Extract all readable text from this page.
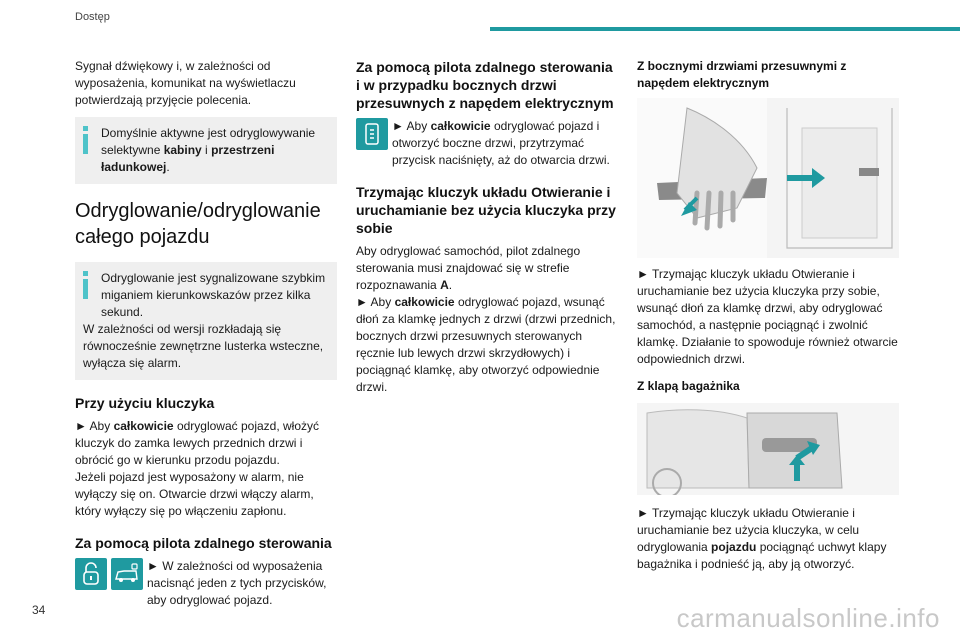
Dostęp

Sygnał dźwiękowy i, w zależności od wyposażenia, komunikat na wyświetlaczu potwierdzają przyjęcie polecenia.

Domyślnie aktywne jest odryglowywanie selektywne kabiny i przestrzeni ładunkowej.
Odryglowanie/odryglowanie całego pojazdu
Odryglowanie jest sygnalizowane szybkim miganiem kierunkowskazów przez kilka sekund.
W zależności od wersji rozkładają się równocześnie zewnętrzne lusterka wsteczne, wyłącza się alarm.
Przy użyciu kluczyka

► Aby całkowicie odryglować pojazd, włożyć kluczyk do zamka lewych przednich drzwi i obrócić go w kierunku przodu pojazdu.

Jeżeli pojazd jest wyposażony w alarm, nie wyłączy się on. Otwarcie drzwi włączy alarm, który wyłączy się po włączeniu zapłonu.

Za pomocą pilota zdalnego sterowania

► W zależności od wyposażenia nacisnąć jeden z tych przycisków, aby odryglować pojazd.

Za pomocą pilota zdalnego sterowania i w przypadku bocznych drzwi przesuwnych z napędem elektrycznym

► Aby całkowicie odryglować pojazd i otworzyć boczne drzwi, przytrzymać przycisk naciśnięty, aż do otwarcia drzwi.

Trzymając kluczyk układu Otwieranie i uruchamianie bez użycia kluczyka przy sobie

Aby odryglować samochód, pilot zdalnego sterowania musi znajdować się w strefie rozpoznawania A.

► Aby całkowicie odryglować pojazd, wsunąć dłoń za klamkę jednych z drzwi (drzwi przednich, bocznych drzwi przesuwnych sterowanych ręcznie lub lewych drzwi skrzydłowych) i pociągnąć klamkę, aby otworzyć odpowiednie drzwi.

Z bocznymi drzwiami przesuwnymi z napędem elektrycznym

► Trzymając kluczyk układu Otwieranie i uruchamianie bez użycia kluczyka przy sobie, wsunąć dłoń za klamkę drzwi, aby odryglować samochód, a następnie pociągnąć i zwolnić klamkę. Działanie to spowoduje również otwarcie odpowiednich drzwi.

Z klapą bagażnika

► Trzymając kluczyk układu Otwieranie i uruchamianie bez użycia kluczyka, w celu odryglowania pojazdu pociągnąć uchwyt klapy bagażnika i podnieść ją, aby ją otworzyć.

34	carmanualsonline.info
